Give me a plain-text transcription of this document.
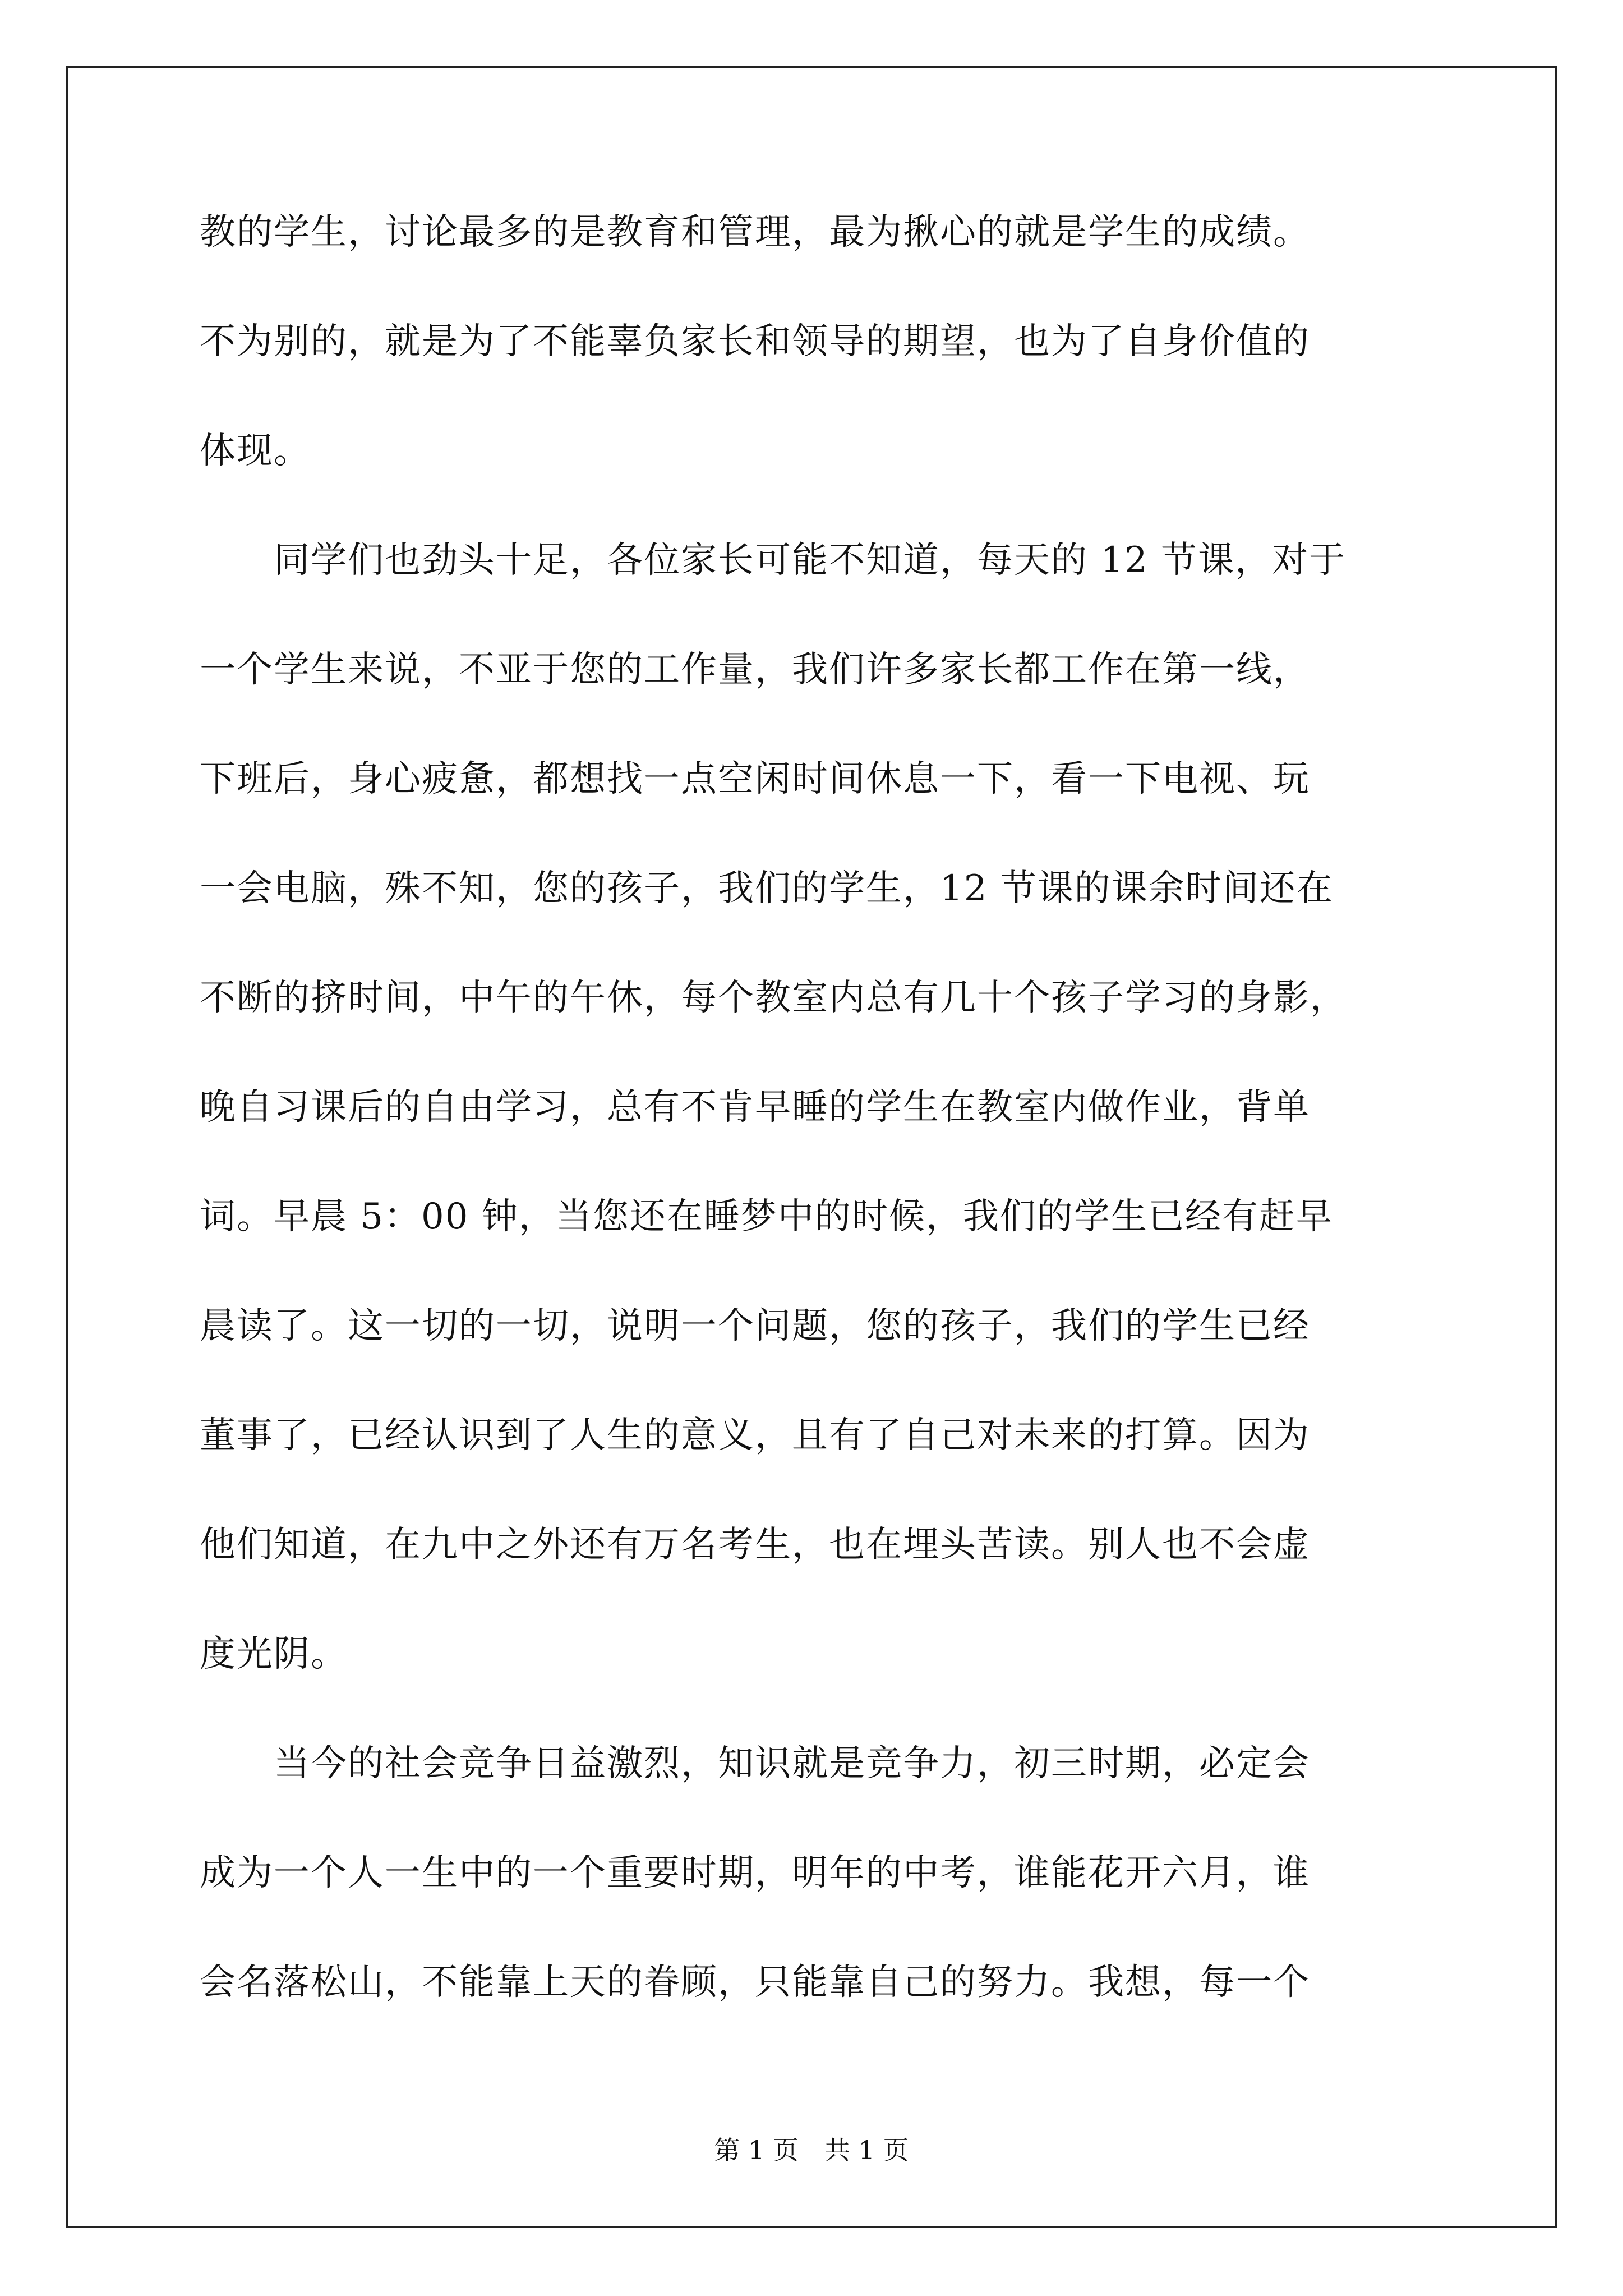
教的学生，讨论最多的是教育和管理，最为揪心的就是学生的成绩。
不为别的，就是为了不能辜负家长和领导的期望，也为了自身价值的
体现。
　　同学们也劲头十足，各位家长可能不知道，每天的 12 节课，对于
一个学生来说，不亚于您的工作量，我们许多家长都工作在第一线，
下班后，身心疲惫，都想找一点空闲时间休息一下，看一下电视、玩
一会电脑，殊不知，您的孩子，我们的学生，12 节课的课余时间还在
不断的挤时间，中午的午休，每个教室内总有几十个孩子学习的身影，
晚自习课后的自由学习，总有不肯早睡的学生在教室内做作业，背单
词。早晨 5：00 钟，当您还在睡梦中的时候，我们的学生已经有赶早
晨读了。这一切的一切，说明一个问题，您的孩子，我们的学生已经
董事了，已经认识到了人生的意义，且有了自己对未来的打算。因为
他们知道，在九中之外还有万名考生，也在埋头苦读。别人也不会虚
度光阴。
　　当今的社会竞争日益激烈，知识就是竞争力，初三时期，必定会
成为一个人一生中的一个重要时期，明年的中考，谁能花开六月，谁
会名落松山，不能靠上天的眷顾，只能靠自己的努力。我想，每一个
第 1 页 共 1 页
